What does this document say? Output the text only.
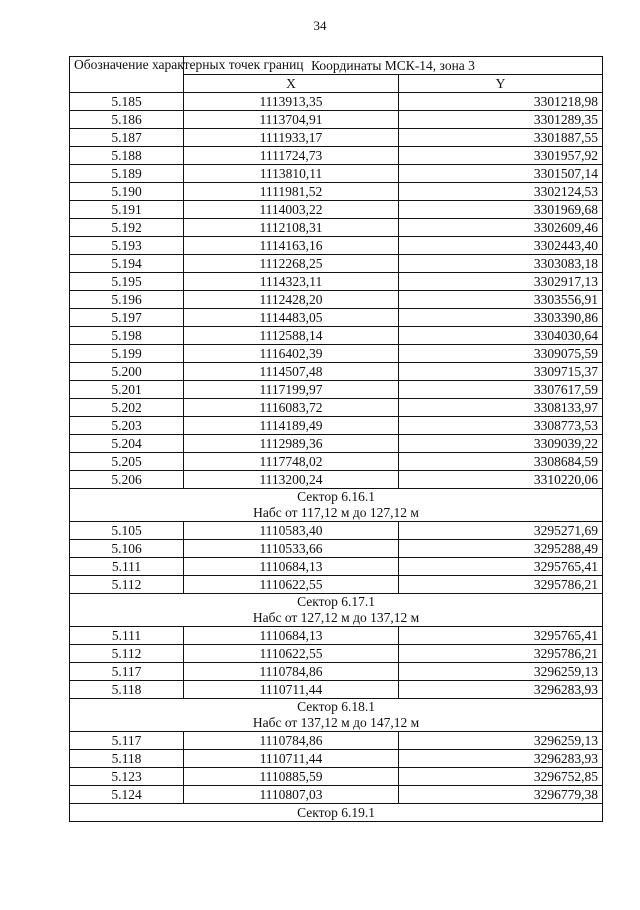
34
Обозначение характерных точек границ	Координаты МСК-14, зона 3	
	X	Y
5.185	1113913,35	3301218,98
5.186	1113704,91	3301289,35
5.187	1111933,17	3301887,55
5.188	1111724,73	3301957,92
5.189	1113810,11	3301507,14
5.190	1111981,52	3302124,53
5.191	1114003,22	3301969,68
5.192	1112108,31	3302609,46
5.193	1114163,16	3302443,40
5.194	1112268,25	3303083,18
5.195	1114323,11	3302917,13
5.196	1112428,20	3303556,91
5.197	1114483,05	3303390,86
5.198	1112588,14	3304030,64
5.199	1116402,39	3309075,59
5.200	1114507,48	3309715,37
5.201	1117199,97	3307617,59
5.202	1116083,72	3308133,97
5.203	1114189,49	3308773,53
5.204	1112989,36	3309039,22
5.205	1117748,02	3308684,59
5.206	1113200,24	3310220,06

Сектор 6.16.1
Набс от 117,12 м до 127,12 м		

5.105	1110583,40	3295271,69
5.106	1110533,66	3295288,49
5.111	1110684,13	3295765,41
5.112	1110622,55	3295786,21

Сектор 6.17.1
Набс от 127,12 м до 137,12 м		

5.111	1110684,13	3295765,41
5.112	1110622,55	3295786,21
5.117	1110784,86	3296259,13
5.118	1110711,44	3296283,93

Сектор 6.18.1
Набс от 137,12 м до 147,12 м		

5.117	1110784,86	3296259,13
5.118	1110711,44	3296283,93
5.123	1110885,59	3296752,85
5.124	1110807,03	3296779,38

Сектор 6.19.1		
